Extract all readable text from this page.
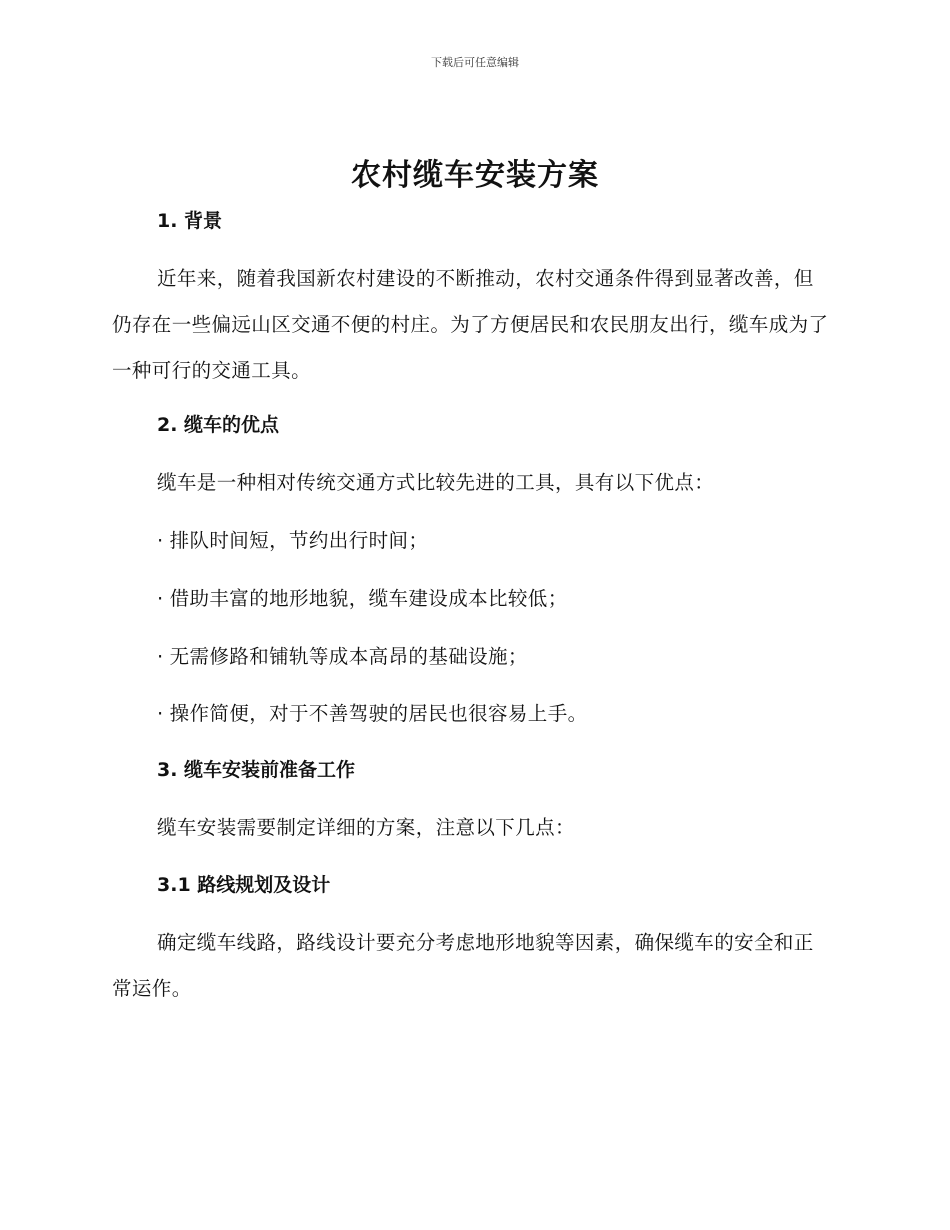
下载后可任意编辑
农村缆车安装方案
1. 背景
近年来，随着我国新农村建设的不断推动，农村交通条件得到显著改善，但仍存在一些偏远山区交通不便的村庄。为了方便居民和农民朋友出行，缆车成为了一种可行的交通工具。
2. 缆车的优点
缆车是一种相对传统交通方式比较先进的工具，具有以下优点：
· 排队时间短，节约出行时间；
· 借助丰富的地形地貌，缆车建设成本比较低；
· 无需修路和铺轨等成本高昂的基础设施；
· 操作简便，对于不善驾驶的居民也很容易上手。
3. 缆车安装前准备工作
缆车安装需要制定详细的方案，注意以下几点：
3.1 路线规划及设计
确定缆车线路，路线设计要充分考虑地形地貌等因素，确保缆车的安全和正常运作。
